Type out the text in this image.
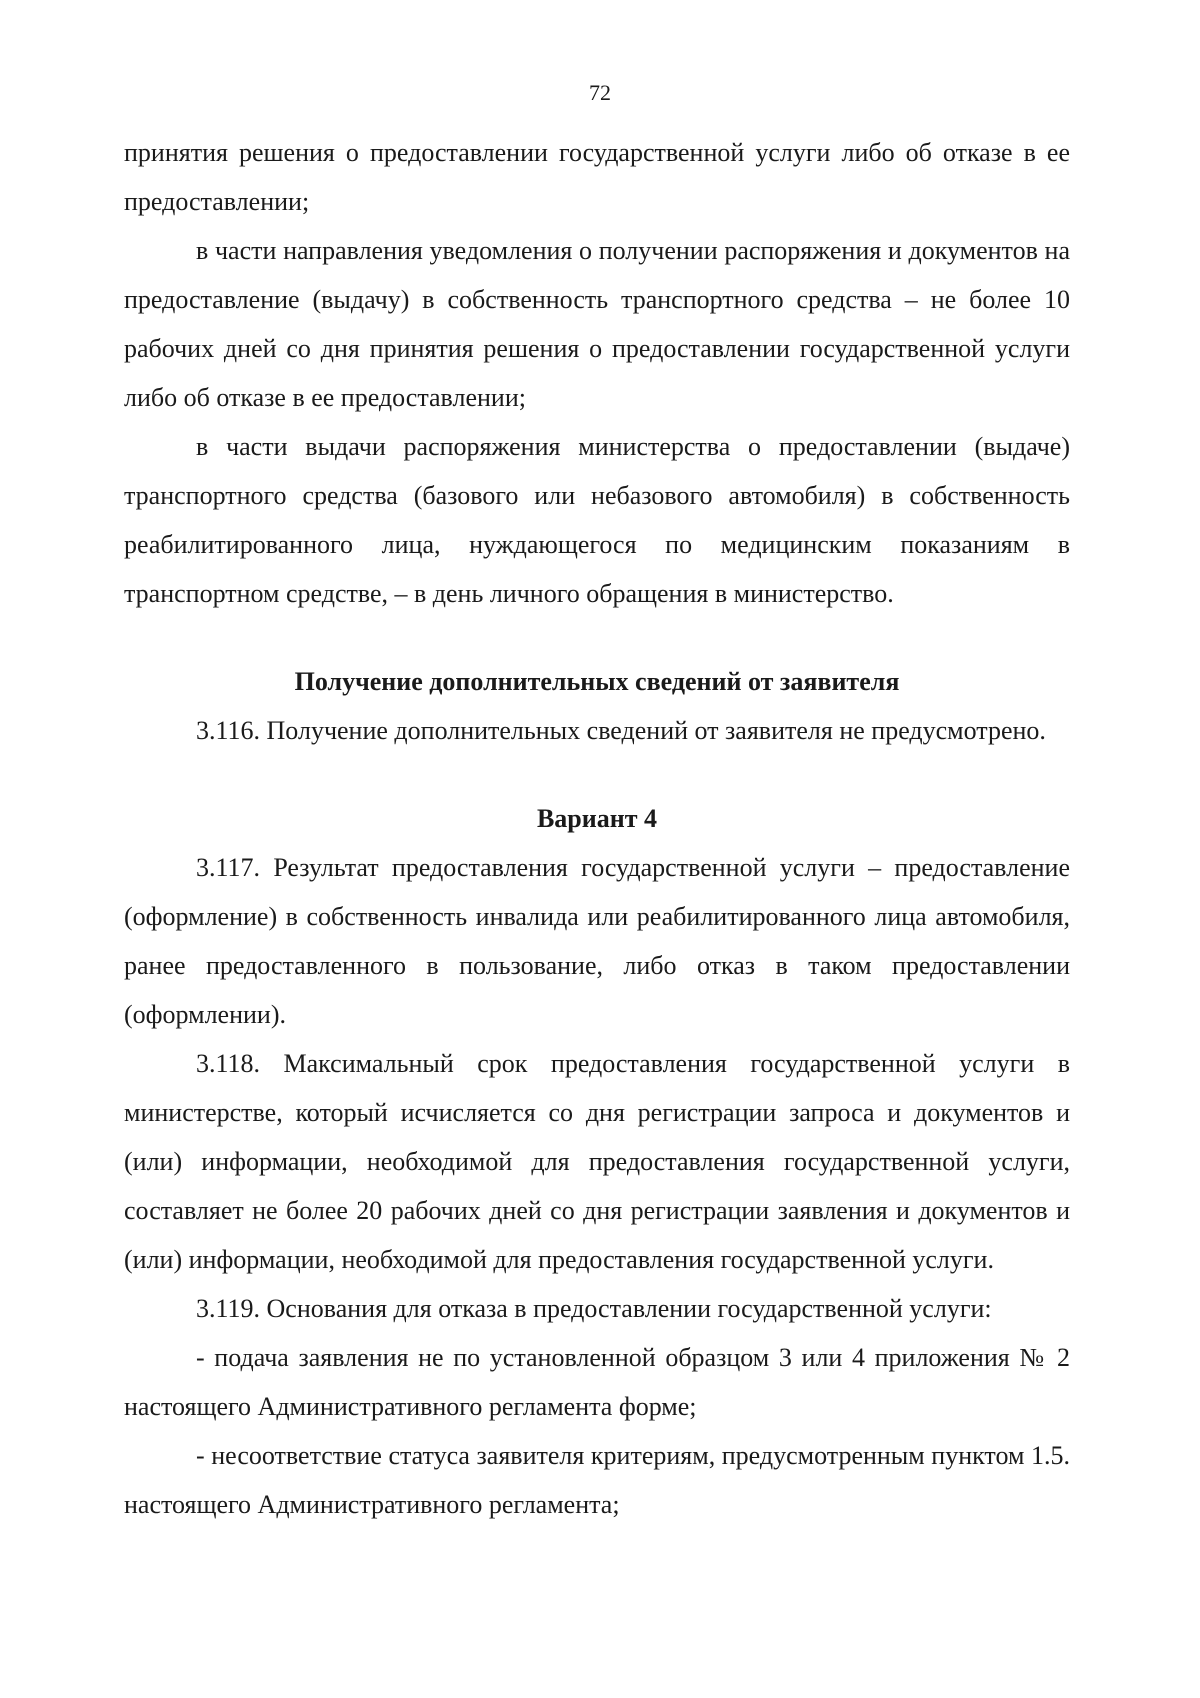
72

принятия решения о предоставлении государственной услуги либо об отказе в ее предоставлении;

в части направления уведомления о получении распоряжения и документов на предоставление (выдачу) в собственность транспортного средства – не более 10 рабочих дней со дня принятия решения о предоставлении государственной услуги либо об отказе в ее предоставлении;

в части выдачи распоряжения министерства о предоставлении (выдаче) транспортного средства (базового или небазового автомобиля) в собственность реабилитированного лица, нуждающегося по медицинским показаниям в транспортном средстве, – в день личного обращения в министерство.

Получение дополнительных сведений от заявителя

3.116. Получение дополнительных сведений от заявителя не предусмотрено.

Вариант 4

3.117. Результат предоставления государственной услуги – предоставление (оформление) в собственность инвалида или реабилитированного лица автомобиля, ранее предоставленного в пользование, либо отказ в таком предоставлении (оформлении).

3.118. Максимальный срок предоставления государственной услуги в министерстве, который исчисляется со дня регистрации запроса и документов и (или) информации, необходимой для предоставления государственной услуги, составляет не более 20 рабочих дней со дня регистрации заявления и документов и (или) информации, необходимой для предоставления государственной услуги.

3.119. Основания для отказа в предоставлении государственной услуги:

- подача заявления не по установленной образцом 3 или 4 приложения № 2 настоящего Административного регламента форме;

- несоответствие статуса заявителя критериям, предусмотренным пунктом 1.5. настоящего Административного регламента;
